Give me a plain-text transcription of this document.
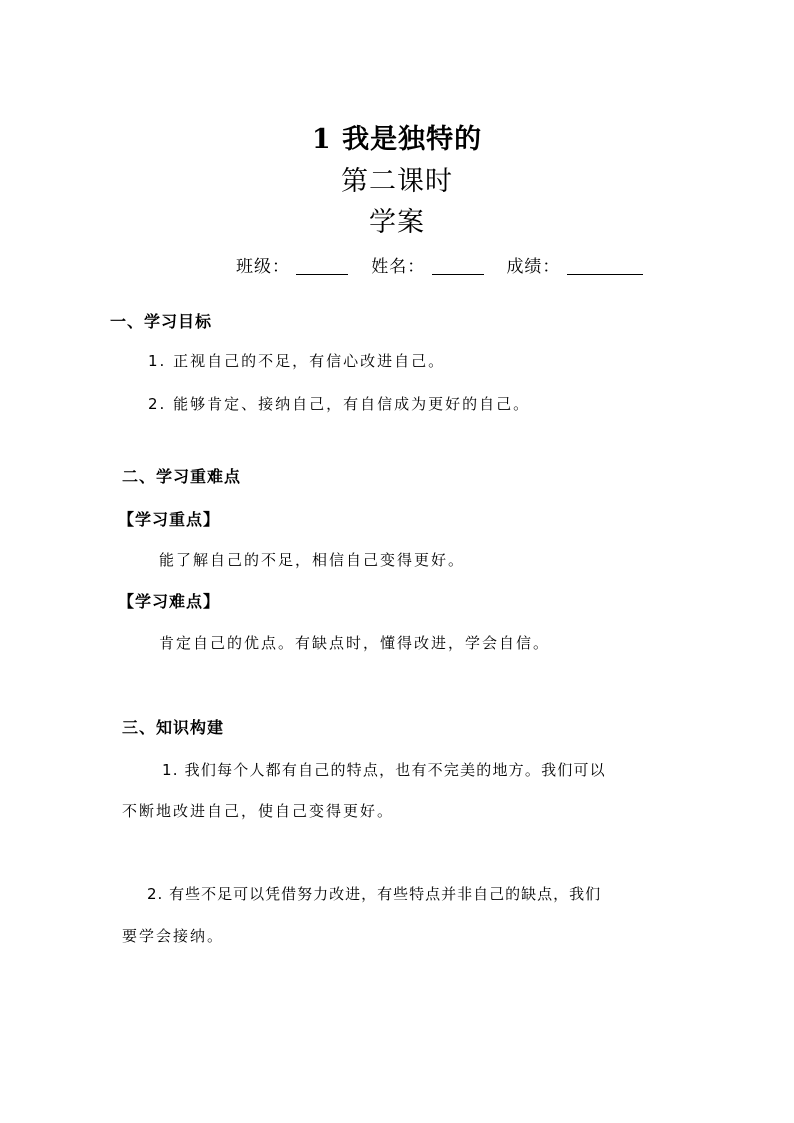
1 我是独特的
第二课时
学案
班级：	姓名：	成绩：
一、学习目标
1. 正视自己的不足，有信心改进自己。
2. 能够肯定、接纳自己，有自信成为更好的自己。
二、学习重难点
【学习重点】
能了解自己的不足，相信自己变得更好。
【学习难点】
肯定自己的优点。有缺点时，懂得改进，学会自信。
三、知识构建
1. 我们每个人都有自己的特点，也有不完美的地方。我们可以
不断地改进自己，使自己变得更好。
2. 有些不足可以凭借努力改进，有些特点并非自己的缺点，我们
要学会接纳。
